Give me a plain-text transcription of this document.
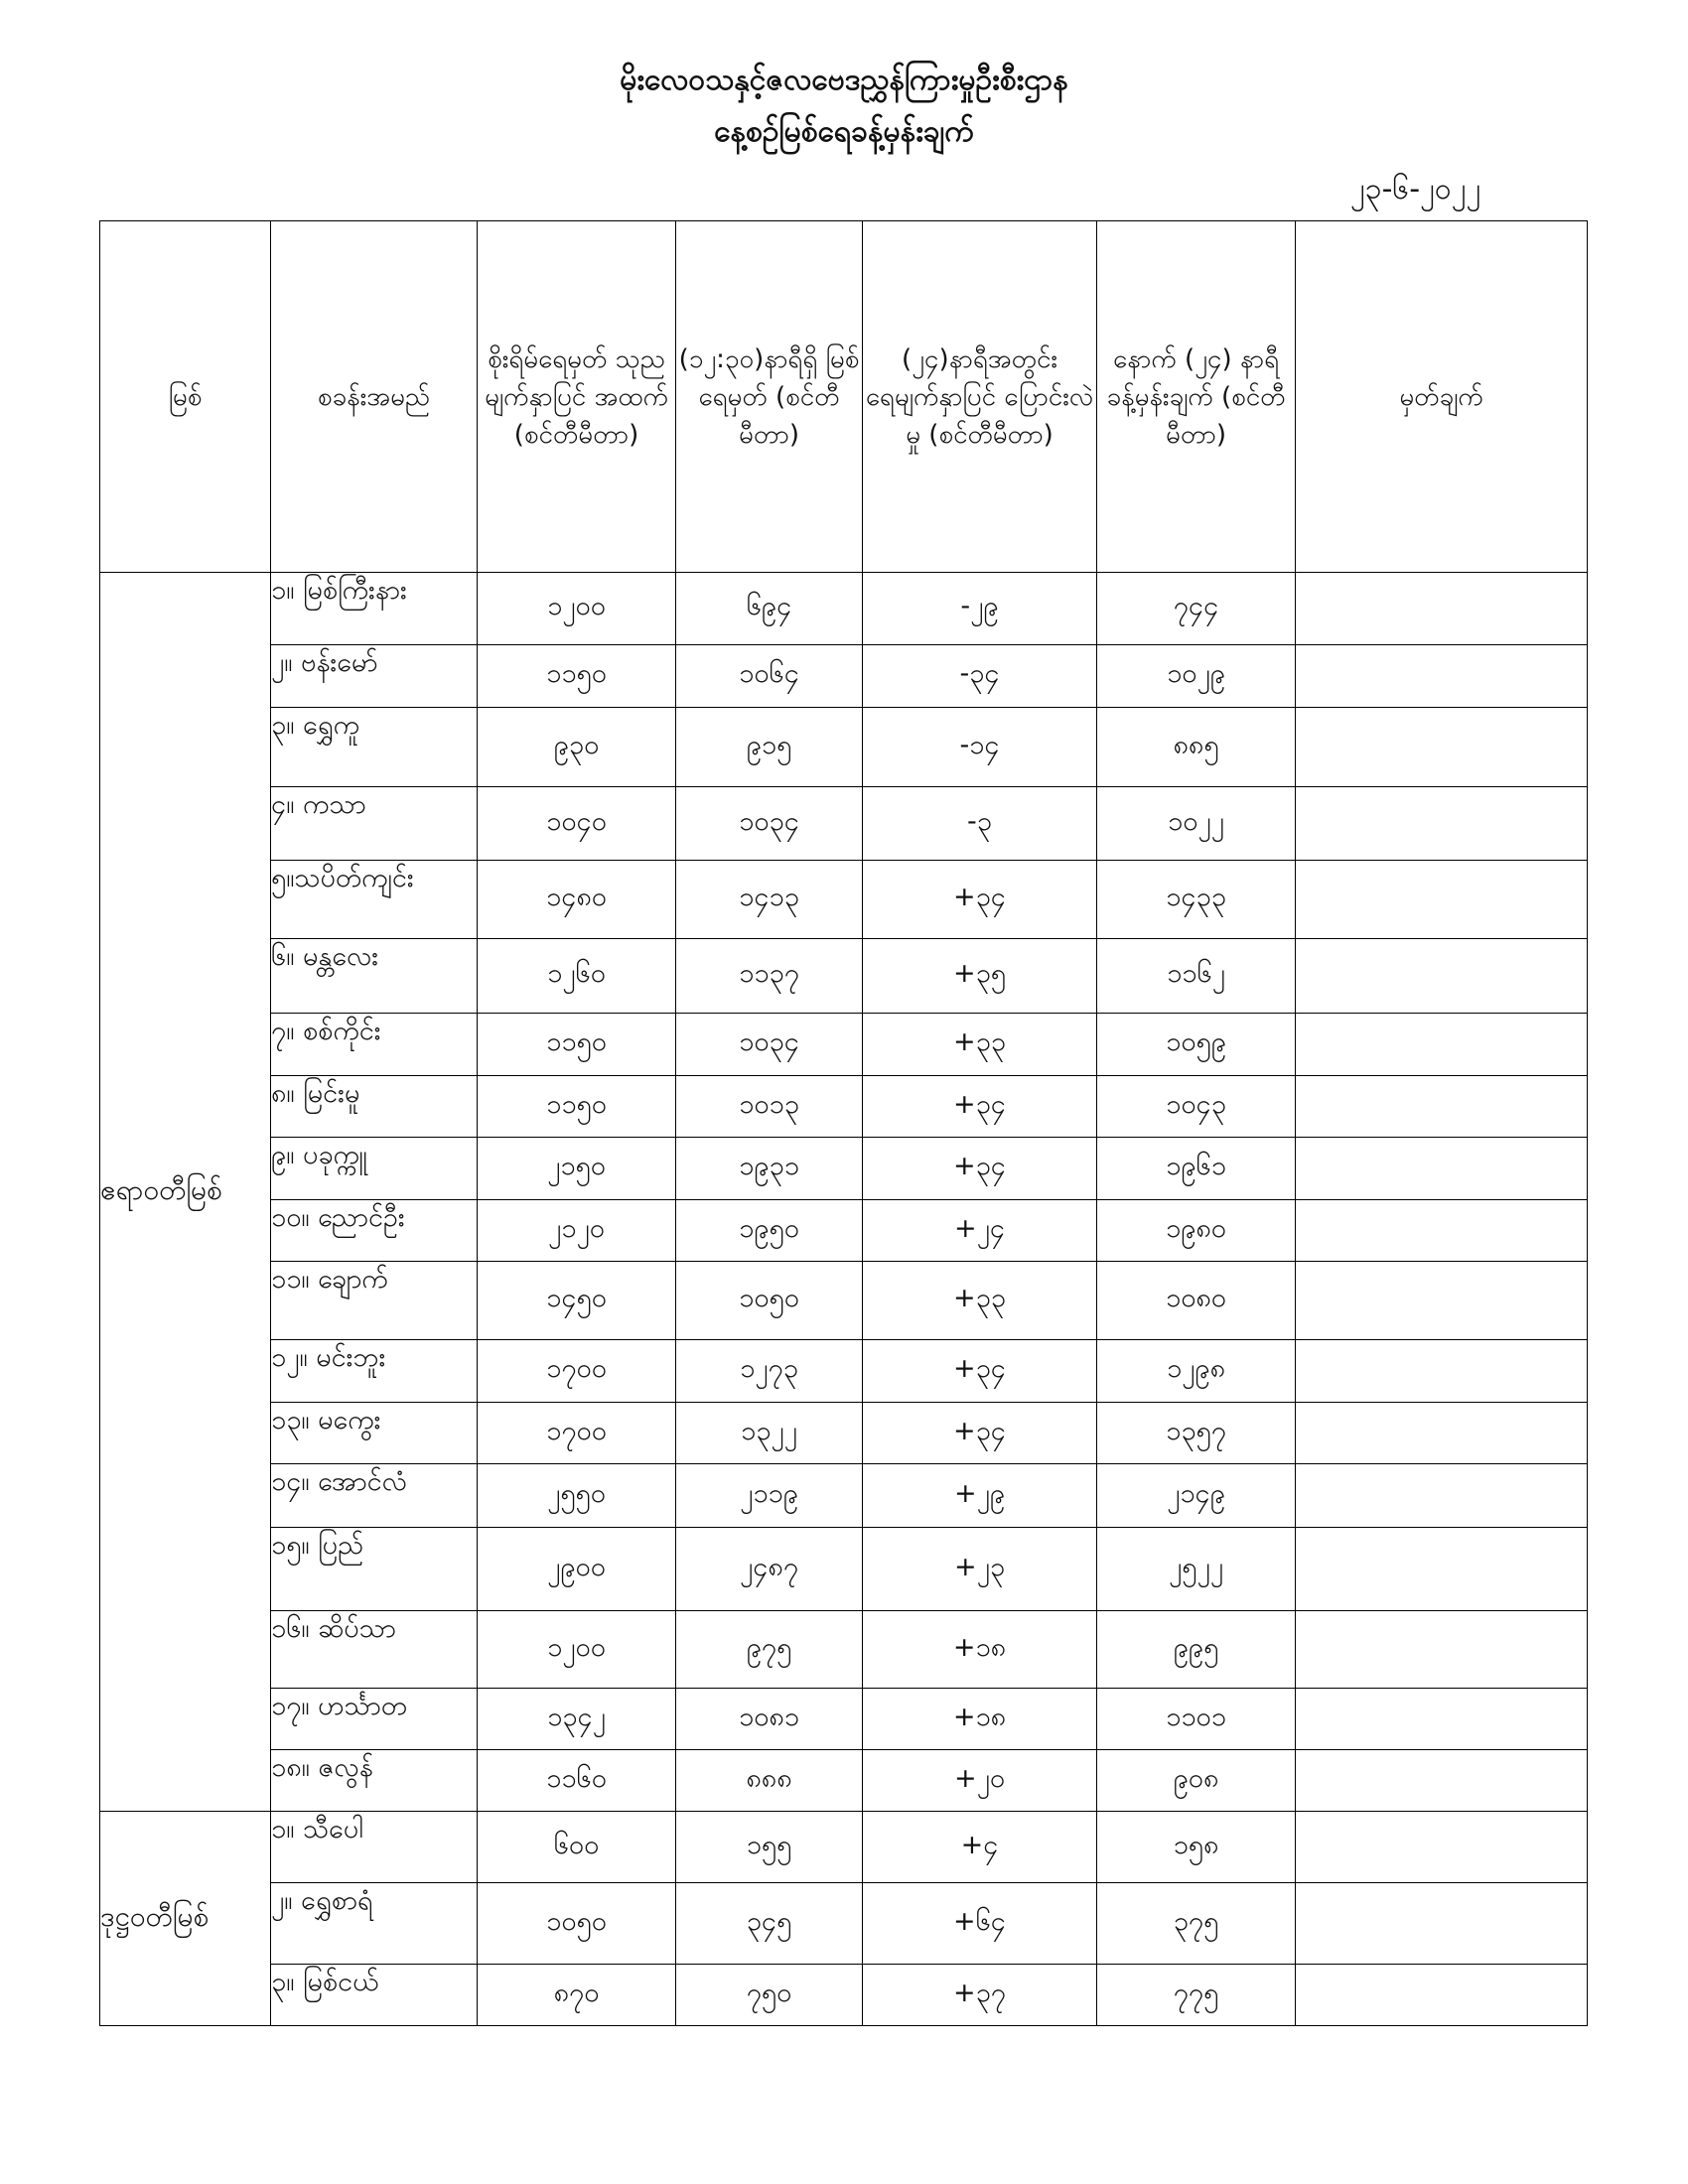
မိုးလေဝသနှင့်ဇလဗေဒညွှန်ကြားမှုဦးစီးဌာန
နေ့စဉ်မြစ်ရေခန့်မှန်းချက်
၂၃-၆-၂၀၂၂
မြစ်	စခန်းအမည်	စိုးရိမ်ရေမှတ် သုည မျက်နှာပြင် အထက် (စင်တီမီတာ)	(၁၂:၃၀)နာရီရှိ မြစ်ရေမှတ် (စင်တီမီတာ)	(၂၄)နာရီအတွင်း ရေမျက်နှာပြင် ပြောင်းလဲမှု (စင်တီမီတာ)	နောက် (၂၄) နာရီ ခန့်မှန်းချက် (စင်တီမီတာ)	မှတ်ချက်
ဧရာဝတီမြစ်	၁။ မြစ်ကြီးနား	၁၂၀၀	၆၉၄	-၂၉	၇၄၄	
	၂။ ဗန်းမော်	၁၁၅၀	၁၀၆၄	-၃၄	၁၀၂၉	
	၃။ ရွှေကူ	၉၃၀	၉၁၅	-၁၄	၈၈၅	
	၄။ ကသာ	၁၀၄၀	၁၀၃၄	-၃	၁၀၂၂	
	၅။သပိတ်ကျင်း	၁၄၈၀	၁၄၁၃	+၃၄	၁၄၃၃	
	၆။ မန္တလေး	၁၂၆၀	၁၁၃၇	+၃၅	၁၁၆၂	
	၇။ စစ်ကိုင်း	၁၁၅၀	၁၀၃၄	+၃၃	၁၀၅၉	
	၈။ မြင်းမူ	၁၁၅၀	၁၀၁၃	+၃၄	၁၀၄၃	
	၉။ ပခုက္ကူ	၂၁၅၀	၁၉၃၁	+၃၄	၁၉၆၁	
	၁၀။ ညောင်ဦး	၂၁၂၀	၁၉၅၀	+၂၄	၁၉၈၀	
	၁၁။ ချောက်	၁၄၅၀	၁၀၅၀	+၃၃	၁၀၈၀	
	၁၂။ မင်းဘူး	၁၇၀၀	၁၂၇၃	+၃၄	၁၂၉၈	
	၁၃။ မကွေး	၁၇၀၀	၁၃၂၂	+၃၄	၁၃၅၇	
	၁၄။ အောင်လံ	၂၅၅၀	၂၁၁၉	+၂၉	၂၁၄၉	
	၁၅။ ပြည်	၂၉၀၀	၂၄၈၇	+၂၃	၂၅၂၂	
	၁၆။ ဆိပ်သာ	၁၂၀၀	၉၇၅	+၁၈	၉၉၅	
	၁၇။ ဟင်္သာတ	၁၃၄၂	၁၀၈၁	+၁၈	၁၁၀၁	
	၁၈။ ဇလွန်	၁၁၆၀	၈၈၈	+၂၀	၉၀၈	
ဒုဋ္ဌဝတီမြစ်	၁။ သီပေါ	၆၀၀	၁၅၅	+၄	၁၅၈	
	၂။ ရွှေစာရံ	၁၀၅၀	၃၄၅	+၆၄	၃၇၅	
	၃။ မြစ်ငယ်	၈၇၀	၇၅၀	+၃၇	၇၇၅	
